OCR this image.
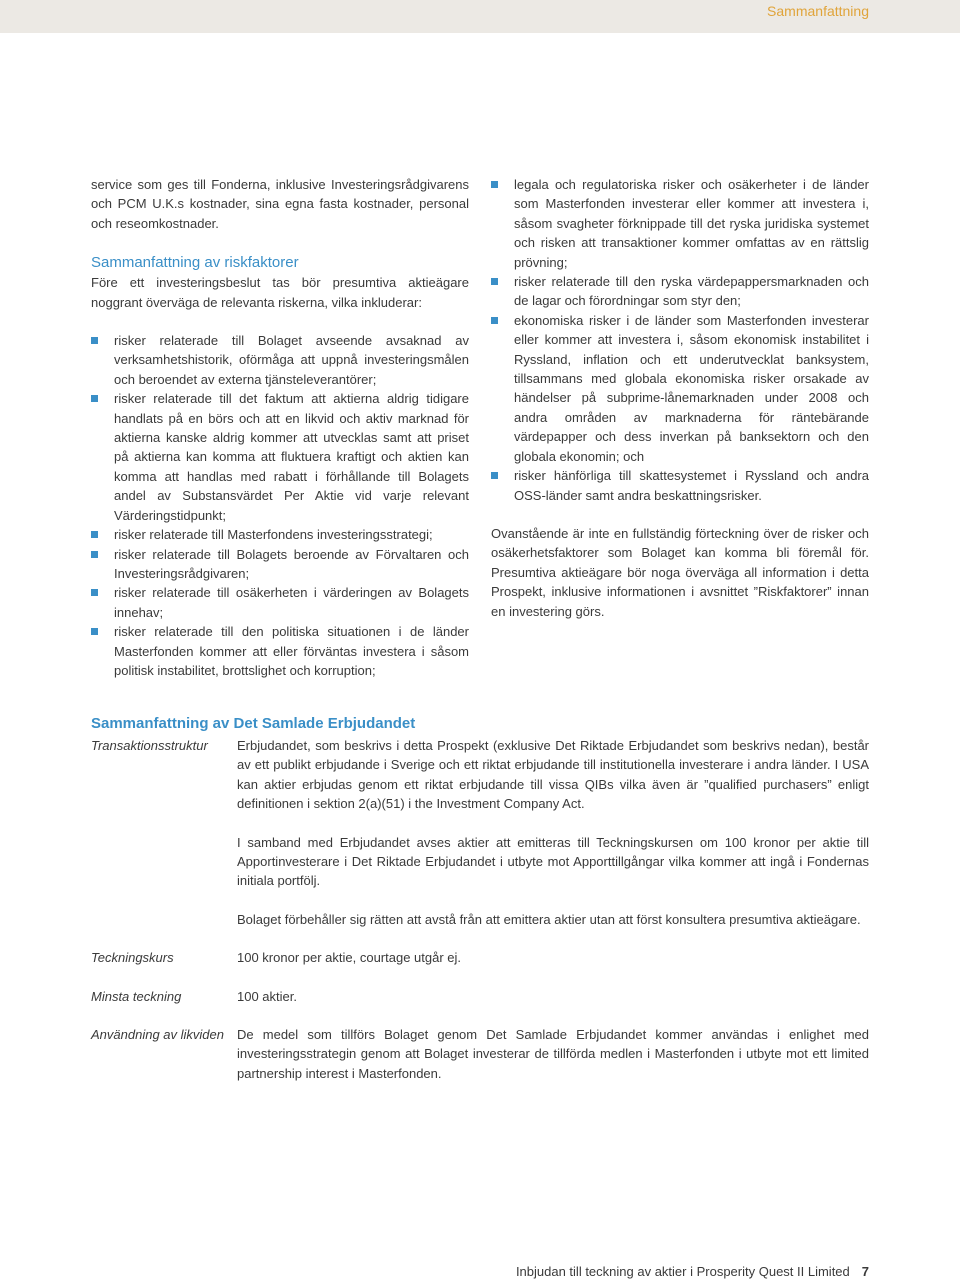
Sammanfattning

service som ges till Fonderna, inklusive Investeringsrådgivarens och PCM U.K.s kostnader, sina egna fasta kostnader, personal och reseomkostnader.

Sammanfattning av riskfaktorer

Före ett investeringsbeslut tas bör presumtiva aktieägare noggrant överväga de relevanta riskerna, vilka inkluderar:

risker relaterade till Bolaget avseende avsaknad av verksamhetshistorik, oförmåga att uppnå investeringsmålen och beroendet av externa tjänsteleverantörer;
risker relaterade till det faktum att aktierna aldrig tidigare handlats på en börs och att en likvid och aktiv marknad för aktierna kanske aldrig kommer att utvecklas samt att priset på aktierna kan komma att fluktuera kraftigt och aktien kan komma att handlas med rabatt i förhållande till Bolagets andel av Substansvärdet Per Aktie vid varje relevant Värderingstidpunkt;
risker relaterade till Masterfondens investeringsstrategi;
risker relaterade till Bolagets beroende av Förvaltaren och Investeringsrådgivaren;
risker relaterade till osäkerheten i värderingen av Bolagets innehav;
risker relaterade till den politiska situationen i de länder Masterfonden kommer att eller förväntas investera i såsom politisk instabilitet, brottslighet och korruption;
legala och regulatoriska risker och osäkerheter i de länder som Masterfonden investerar eller kommer att investera i, såsom svagheter förknippade till det ryska juridiska systemet och risken att transaktioner kommer omfattas av en rättslig prövning;
risker relaterade till den ryska värdepappersmarknaden och de lagar och förordningar som styr den;
ekonomiska risker i de länder som Masterfonden investerar eller kommer att investera i, såsom ekonomisk instabilitet i Ryssland, inflation och ett underutvecklat banksystem, tillsammans med globala ekonomiska risker orsakade av händelser på subprime-lånemarknaden under 2008 och andra områden av marknaderna för räntebärande värdepapper och dess inverkan på banksektorn och den globala ekonomin; och
risker hänförliga till skattesystemet i Ryssland och andra OSS-länder samt andra beskattningsrisker.

Ovanstående är inte en fullständig förteckning över de risker och osäkerhetsfaktorer som Bolaget kan komma bli föremål för. Presumtiva aktieägare bör noga överväga all information i detta Prospekt, inklusive informationen i avsnittet ”Riskfaktorer” innan en investering görs.

Sammanfattning av Det Samlade Erbjudandet
Transaktionsstruktur	Erbjudandet, som beskrivs i detta Prospekt (exklusive Det Riktade Erbjudandet som beskrivs nedan), består av ett publikt erbjudande i Sverige och ett riktat erbjudande till institutionella investerare i andra länder. I USA kan aktier erbjudas genom ett riktat erbjudande till vissa QIBs vilka även är ”qualified purchasers” enligt definitionen i sektion 2(a)(51) i the Investment Company Act.

I samband med Erbjudandet avses aktier att emitteras till Teckningskursen om 100 kronor per aktie till Apportinvesterare i Det Riktade Erbjudandet i utbyte mot Apporttillgångar vilka kommer att ingå i Fondernas initiala portfölj.

Bolaget förbehåller sig rätten att avstå från att emittera aktier utan att först konsultera presumtiva aktieägare.

Teckningskurs	100 kronor per aktie, courtage utgår ej.

Minsta teckning	100 aktier.

Användning av likviden	De medel som tillförs Bolaget genom Det Samlade Erbjudandet kommer användas i enlighet med investeringsstrategin genom att Bolaget investerar de tillförda medlen i Masterfonden i utbyte mot ett limited partnership interest i Masterfonden.

Inbjudan till teckning av aktier i Prosperity Quest II Limited 7
